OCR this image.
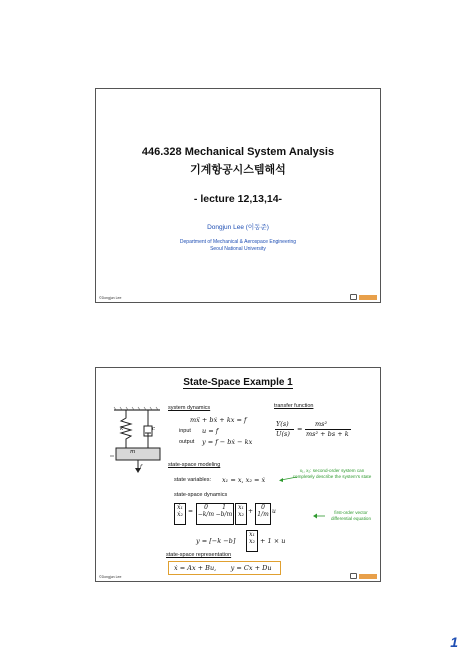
446.328 Mechanical System Analysis
기계항공시스템해석
- lecture 12,13,14-
Dongjun Lee (이동준)
Department of Mechanical & Aerospace Engineering
Seoul National University
©Dongjun Lee
State-Space Example 1
k	c
m
f
system dynamics
mẍ + bẋ + kx = f
input u = f
output y = f − bẋ − kx
transfer function
Y(s)
U(s)
=
ms²
ms² + bs + k
state-space modeling
state variables: x₁ = x, x₂ = ẋ
x₁, x₂: second-order system can completely describe the system's state
state-space dynamics
ẋ₁
ẋ₂ =
0 1
−k/m −b/m
x₁
x₂ +
0
1/m u	first-order vector differential equation
y = [−k −b]
x₁
x₂ + 1 × u
state-space representation
ẋ = Ax + Bu,       y = Cx + Du
©Dongjun Lee
1
